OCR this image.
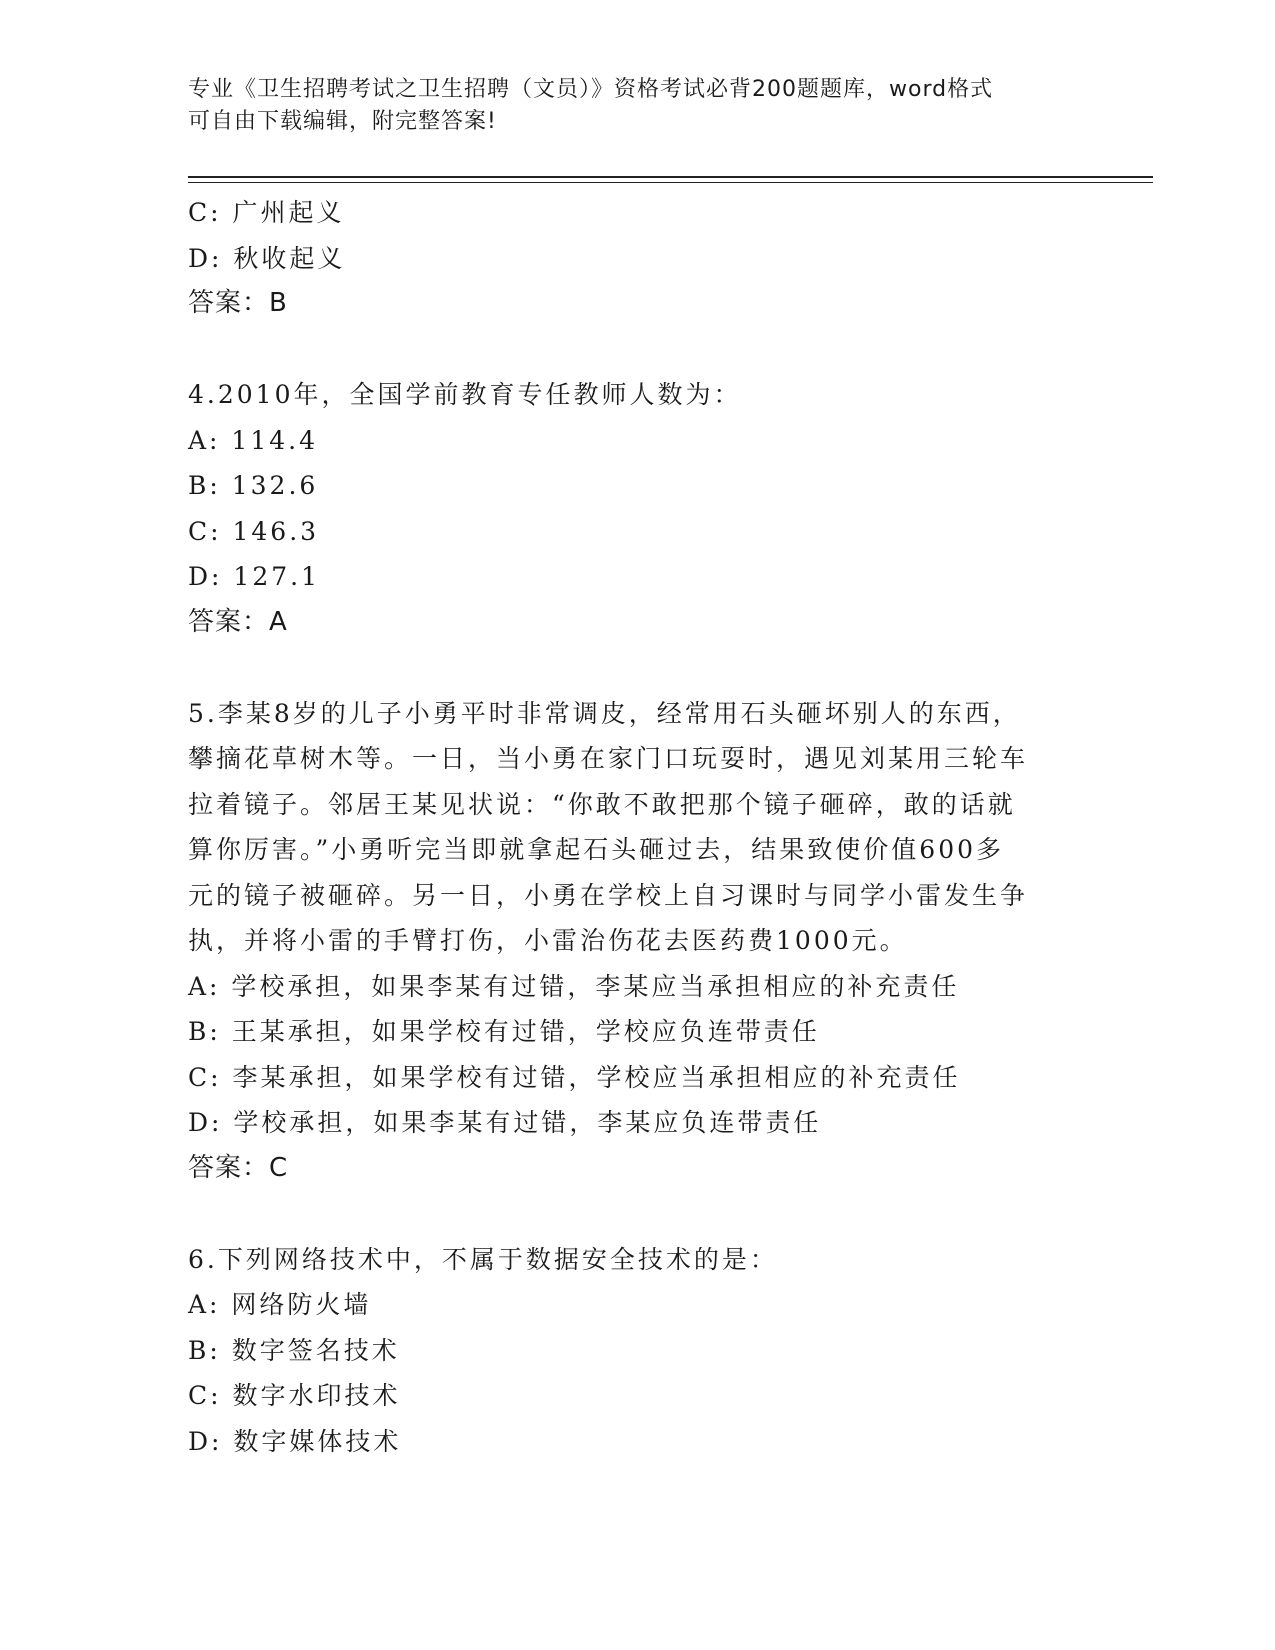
专业《卫生招聘考试之卫生招聘（文员）》资格考试必背200题题库，word格式
可自由下载编辑，附完整答案!
C: 广州起义
D: 秋收起义
答案：B
4.2010年，全国学前教育专任教师人数为：
A: 114.4
B: 132.6
C: 146.3
D: 127.1
答案：A
5.李某8岁的儿子小勇平时非常调皮，经常用石头砸坏别人的东西，
攀摘花草树木等。一日，当小勇在家门口玩耍时，遇见刘某用三轮车
拉着镜子。邻居王某见状说：“你敢不敢把那个镜子砸碎，敢的话就
算你厉害。”小勇听完当即就拿起石头砸过去，结果致使价值600多
元的镜子被砸碎。另一日，小勇在学校上自习课时与同学小雷发生争
执，并将小雷的手臂打伤，小雷治伤花去医药费1000元。
A: 学校承担，如果李某有过错，李某应当承担相应的补充责任
B: 王某承担，如果学校有过错，学校应负连带责任
C: 李某承担，如果学校有过错，学校应当承担相应的补充责任
D: 学校承担，如果李某有过错，李某应负连带责任
答案：C
6.下列网络技术中，不属于数据安全技术的是：
A: 网络防火墙
B: 数字签名技术
C: 数字水印技术
D: 数字媒体技术
